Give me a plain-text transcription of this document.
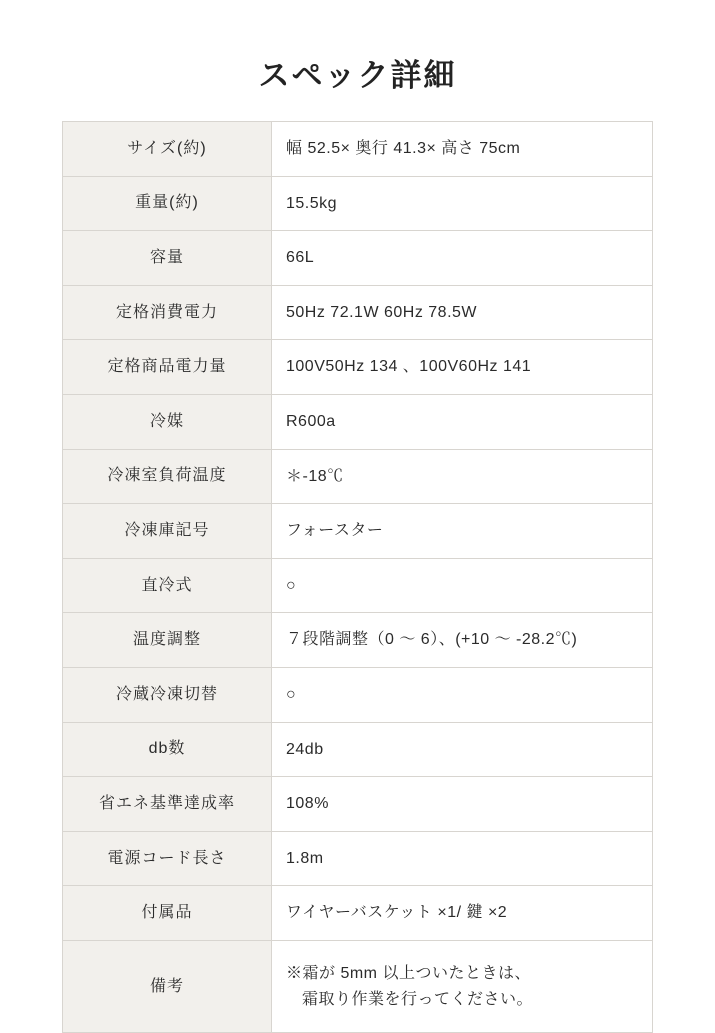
スペック詳細
サイズ(約)	幅 52.5× 奥行 41.3× 高さ 75cm
重量(約)	15.5kg
容量	66L
定格消費電力	50Hz 72.1W 60Hz 78.5W
定格商品電力量	100V50Hz 134 、100V60Hz 141
冷媒	R600a
冷凍室負荷温度	＊-18℃
冷凍庫記号	フォースター
直冷式	○
温度調整	７段階調整（0 ～ 6）、(+10 ～ -28.2℃)
冷蔵冷凍切替	○
db数	24db
省エネ基準達成率	108%
電源コード長さ	1.8m
付属品	ワイヤーバスケット ×1/ 鍵 ×2
備考	※霜が 5mm 以上ついたときは、
霜取り作業を行ってください。
